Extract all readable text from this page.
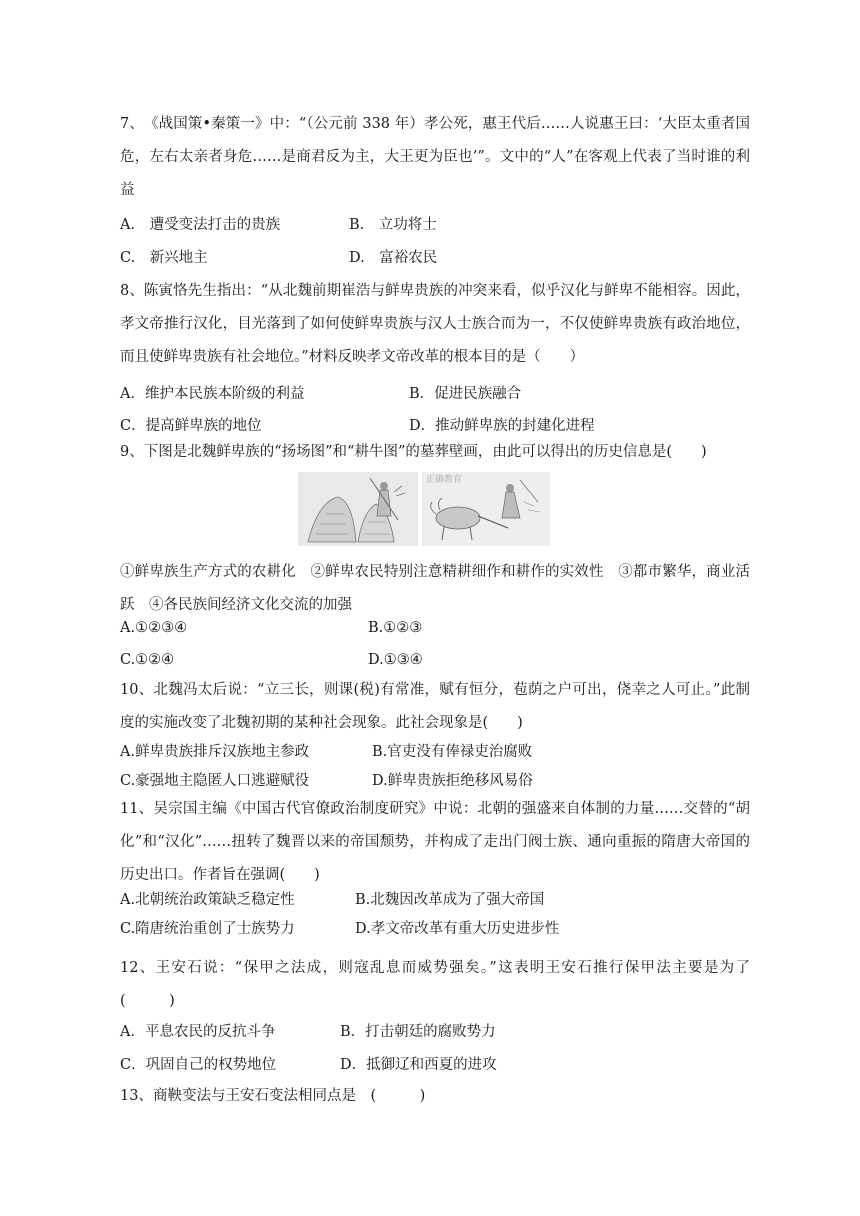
7、　《战国策•秦策一》中：“（公元前 338 年）孝公死，惠王代后……人说惠王曰：‘大臣太重者国危，左右太亲者身危……是商君反为主，大王更为臣也’”。文中的“人”在客观上代表了当时谁的利益
A.　遭受变法打击的贵族	B.　立功将士
C.　新兴地主	D.　富裕农民
8、陈寅恪先生指出：“从北魏前期崔浩与鲜卑贵族的冲突来看，似乎汉化与鲜卑不能相容。因此，孝文帝推行汉化，目光落到了如何使鲜卑贵族与汉人士族合而为一，不仅使鲜卑贵族有政治地位，而且使鲜卑贵族有社会地位。”材料反映孝文帝改革的根本目的是（　　）
A．维护本民族本阶级的利益	B．促进民族融合
C．提高鲜卑族的地位	D．推动鲜卑族的封建化进程
9、下图是北魏鲜卑族的“扬场图”和“耕牛图”的墓葬壁画，由此可以得出的历史信息是(　　)
正确教育
①鲜卑族生产方式的农耕化　②鲜卑农民特别注意精耕细作和耕作的实效性　③都市繁华，商业活跃　④各民族间经济文化交流的加强
A.①②③④	B.①②③
C.①②④	D.①③④
10、北魏冯太后说：“立三长，则课(税)有常准，赋有恒分，苞荫之户可出，侥幸之人可止。”此制度的实施改变了北魏初期的某种社会现象。此社会现象是(　　)
A.鲜卑贵族排斥汉族地主参政	B.官吏没有俸禄吏治腐败
C.豪强地主隐匿人口逃避赋役	D.鲜卑贵族拒绝移风易俗
11、吴宗国主编《中国古代官僚政治制度研究》中说：北朝的强盛来自体制的力量……交替的“胡化”和“汉化”……扭转了魏晋以来的帝国颓势，并构成了走出门阀士族、通向重振的隋唐大帝国的历史出口。作者旨在强调(　　)
A.北朝统治政策缺乏稳定性	B.北魏因改革成为了强大帝国
C.隋唐统治重创了士族势力	D.孝文帝改革有重大历史进步性
12、王安石说：“保甲之法成，则寇乱息而威势强矣。”这表明王安石推行保甲法主要是为了　(　　　)
A．平息农民的反抗斗争	B．打击朝廷的腐败势力
C．巩固自己的权势地位	D．抵御辽和西夏的进攻
13、商鞅变法与王安石变法相同点是　(　　　)
